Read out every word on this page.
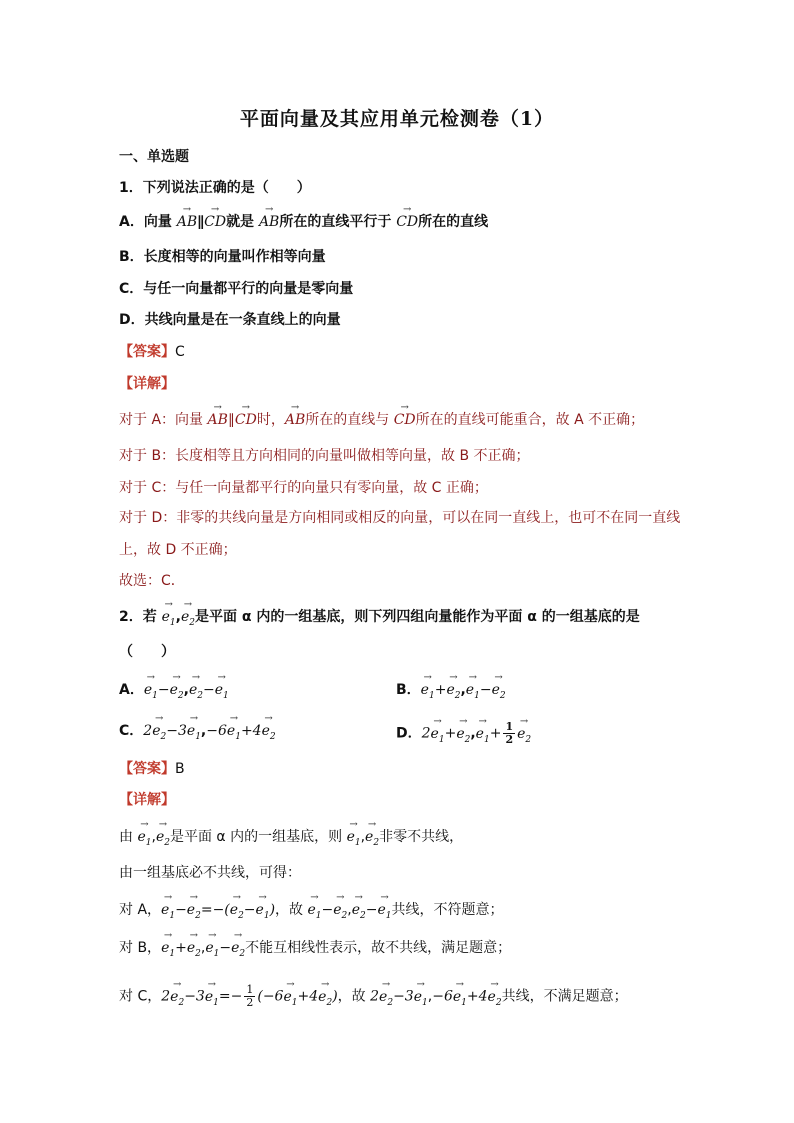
平面向量及其应用单元检测卷（1）
一、单选题
1．下列说法正确的是（　　）
A．向量 → AB∥→ CD就是 → AB所在的直线平行于 → CD所在的直线
B．长度相等的向量叫作相等向量
C．与任一向量都平行的向量是零向量
D．共线向量是在一条直线上的向量
【答案】C
【详解】
对于 A：向量 → AB∥→ CD时，→ AB所在的直线与 → CD所在的直线可能重合，故 A 不正确；
对于 B：长度相等且方向相同的向量叫做相等向量，故 B 不正确；
对于 C：与任一向量都平行的向量只有零向量，故 C 正确；
对于 D：非零的共线向量是方向相同或相反的向量，可以在同一直线上，也可不在同一直线
上，故 D 不正确；
故选：C．
2．若 → $e_1,\to e_2$是平面 α 内的一组基底，则下列四组向量能作为平面 α 的一组基底的是
（　　）
A．→ $e_1-\to e_2,\to e_2-\to e_1$	B．→ $e_1+\to e_2,\to e_1-\to e_2$
C．$2\to e_2-3\to e_1,-6\to e_1+4\to e_2$	D．$2\to e_1+\to e_2,\to e_1+ \frac{1}{2}$
→ $e_2$
【答案】B
【详解】
由 → $e_1,\to e_2$是平面 α 内的一组基底，则 → $e_1,\to e_2$非零不共线，
由一组基底必不共线，可得：
对 A，→ $e_1-\to e_2=-(\to e_2-\to e_1)$，故 → $e_1-\to e_2,\to e_2-\to e_1$共线，不符题意；
对 B，→ $e_1+\to e_2,\to e_1-\to e_2$不能互相线性表示，故不共线，满足题意；
对 C，$2\to e_2-3\to e_1=- \frac{1}{2} (-6\to e_1+4\to e_2)$，故 $2\to e_2-3\to e_1,-6\to e_1+4\to e_2$共线，不满足题意；
